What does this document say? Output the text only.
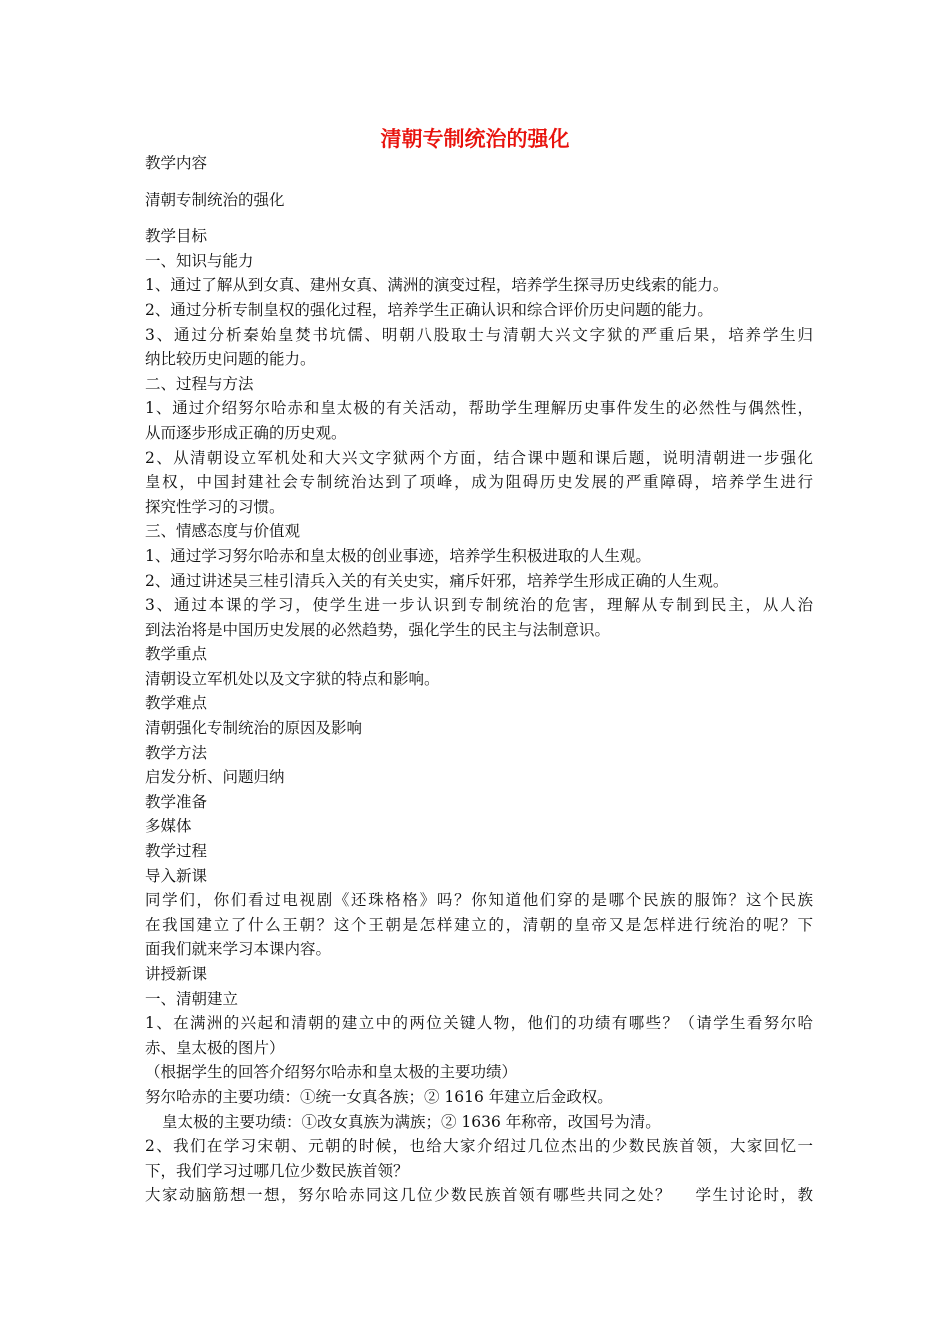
清朝专制统治的强化

教学内容

清朝专制统治的强化

教学目标

一、知识与能力

1、通过了解从到女真、建州女真、满洲的演变过程，培养学生探寻历史线索的能力。

2、通过分析专制皇权的强化过程，培养学生正确认识和综合评价历史问题的能力。

3、通过分析秦始皇焚书坑儒、明朝八股取士与清朝大兴文字狱的严重后果，培养学生归

纳比较历史问题的能力。

二、过程与方法

1、通过介绍努尔哈赤和皇太极的有关活动，帮助学生理解历史事件发生的必然性与偶然性，

从而逐步形成正确的历史观。

2、从清朝设立军机处和大兴文字狱两个方面，结合课中题和课后题，说明清朝进一步强化

皇权，中国封建社会专制统治达到了项峰，成为阻碍历史发展的严重障碍，培养学生进行

探究性学习的习惯。

三、情感态度与价值观

1、通过学习努尔哈赤和皇太极的创业事迹，培养学生积极进取的人生观。

2、通过讲述吴三桂引清兵入关的有关史实，痛斥奸邪，培养学生形成正确的人生观。

3、通过本课的学习，使学生进一步认识到专制统治的危害，理解从专制到民主，从人治

到法治将是中国历史发展的必然趋势，强化学生的民主与法制意识。

教学重点

清朝设立军机处以及文字狱的特点和影响。

教学难点

清朝强化专制统治的原因及影响

教学方法

启发分析、问题归纳

教学准备

多媒体

教学过程

导入新课

同学们，你们看过电视剧《还珠格格》吗？你知道他们穿的是哪个民族的服饰？这个民族

在我国建立了什么王朝？这个王朝是怎样建立的，清朝的皇帝又是怎样进行统治的呢？下

面我们就来学习本课内容。

讲授新课

一、清朝建立

1、在满洲的兴起和清朝的建立中的两位关键人物，他们的功绩有哪些？（请学生看努尔哈

赤、皇太极的图片）

（根据学生的回答介绍努尔哈赤和皇太极的主要功绩）

努尔哈赤的主要功绩：①统一女真各族；② 1616 年建立后金政权。

皇太极的主要功绩：①改女真族为满族；② 1636 年称帝，改国号为清。

2、我们在学习宋朝、元朝的时候，也给大家介绍过几位杰出的少数民族首领，大家回忆一

下，我们学习过哪几位少数民族首领？

大家动脑筋想一想，努尔哈赤同这几位少数民族首领有哪些共同之处？　 学生讨论时，教
